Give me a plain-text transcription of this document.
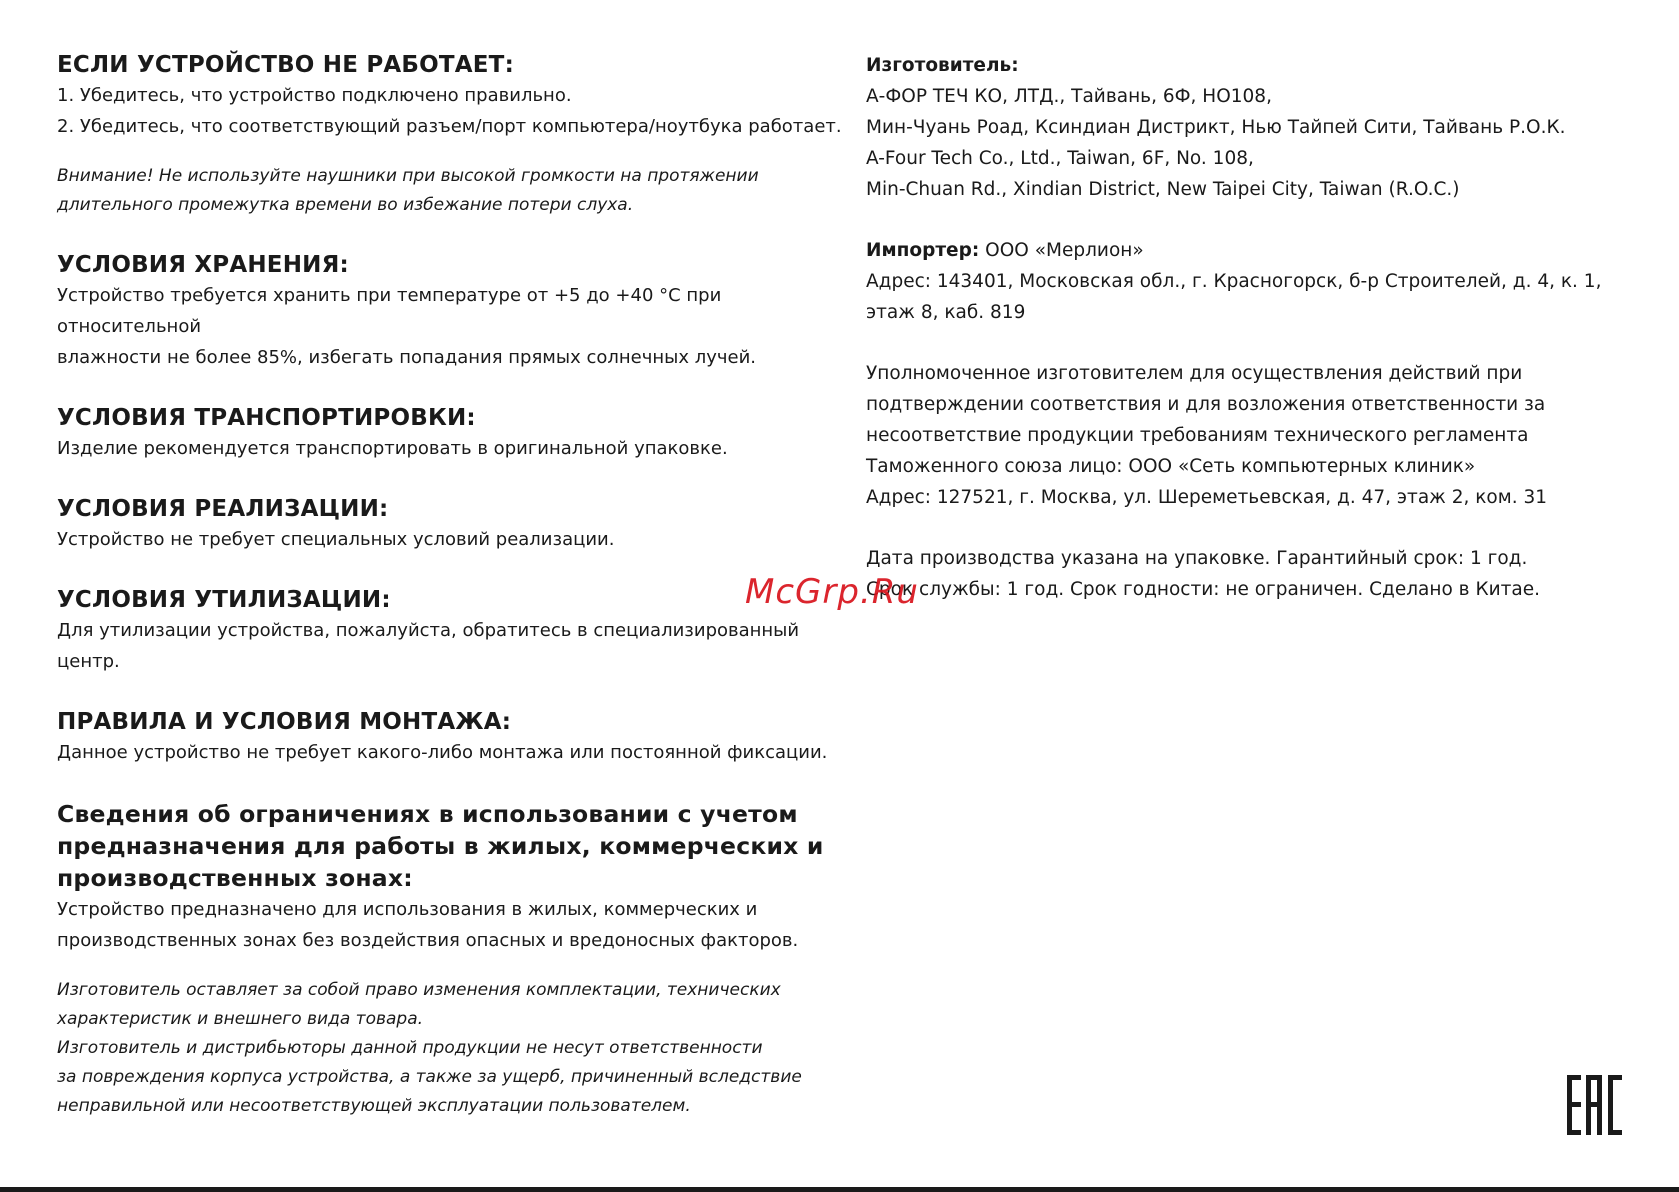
ЕСЛИ УСТРОЙСТВО НЕ РАБОТАЕТ:

1. Убедитесь, что устройство подключено правильно.

2. Убедитесь, что соответствующий разъем/порт компьютера/ноутбука работает.

Внимание! Не используйте наушники при высокой громкости на протяжении

длительного промежутка времени во избежание потери слуха.

УСЛОВИЯ ХРАНЕНИЯ:

Устройство требуется хранить при температуре от +5 до +40 °С при относительной

влажности не более 85%, избегать попадания прямых солнечных лучей.

УСЛОВИЯ ТРАНСПОРТИРОВКИ:

Изделие рекомендуется транспортировать в оригинальной упаковке.

УСЛОВИЯ РЕАЛИЗАЦИИ:

Устройство не требует специальных условий реализации.

УСЛОВИЯ УТИЛИЗАЦИИ:

Для утилизации устройства, пожалуйста, обратитесь в специализированный центр.

ПРАВИЛА И УСЛОВИЯ МОНТАЖА:

Данное устройство не требует какого-либо монтажа или постоянной фиксации.

Сведения об ограничениях в использовании с учетом
предназначения для работы в жилых, коммерческих и
производственных зонах:

Устройство предназначено для использования в жилых, коммерческих и

производственных зонах без воздействия опасных и вредоносных факторов.

Изготовитель оставляет за собой право изменения комплектации, технических

характеристик и внешнего вида товара.

Изготовитель и дистрибьюторы данной продукции не несут ответственности

за повреждения корпуса устройства, а также за ущерб, причиненный вследствие

неправильной или несоответствующей эксплуатации пользователем.

Изготовитель:

А-ФОР ТЕЧ КО, ЛТД., Тайвань, 6Ф, НО108,

Мин-Чуань Роад, Ксиндиан Дистрикт, Нью Тайпей Сити, Тайвань Р.О.К.

A-Four Tech Co., Ltd., Taiwan, 6F, No. 108,

Min-Chuan Rd., Xindian District, New Taipei City, Taiwan (R.O.C.)

Импортер: ООО «Мерлион»

Адрес: 143401, Московская обл., г. Красногорск, б-р Строителей, д. 4, к. 1,

этаж 8, каб. 819

Уполномоченное изготовителем для осуществления действий при

подтверждении соответствия и для возложения ответственности за

несоответствие продукции требованиям технического регламента

Таможенного союза лицо: ООО «Сеть компьютерных клиник»

Адрес: 127521, г. Москва, ул. Шереметьевская, д. 47, этаж 2, ком. 31

Дата производства указана на упаковке. Гарантийный срок: 1 год.

Срок службы: 1 год. Срок годности: не ограничен. Сделано в Китае.

McGrp.Ru
